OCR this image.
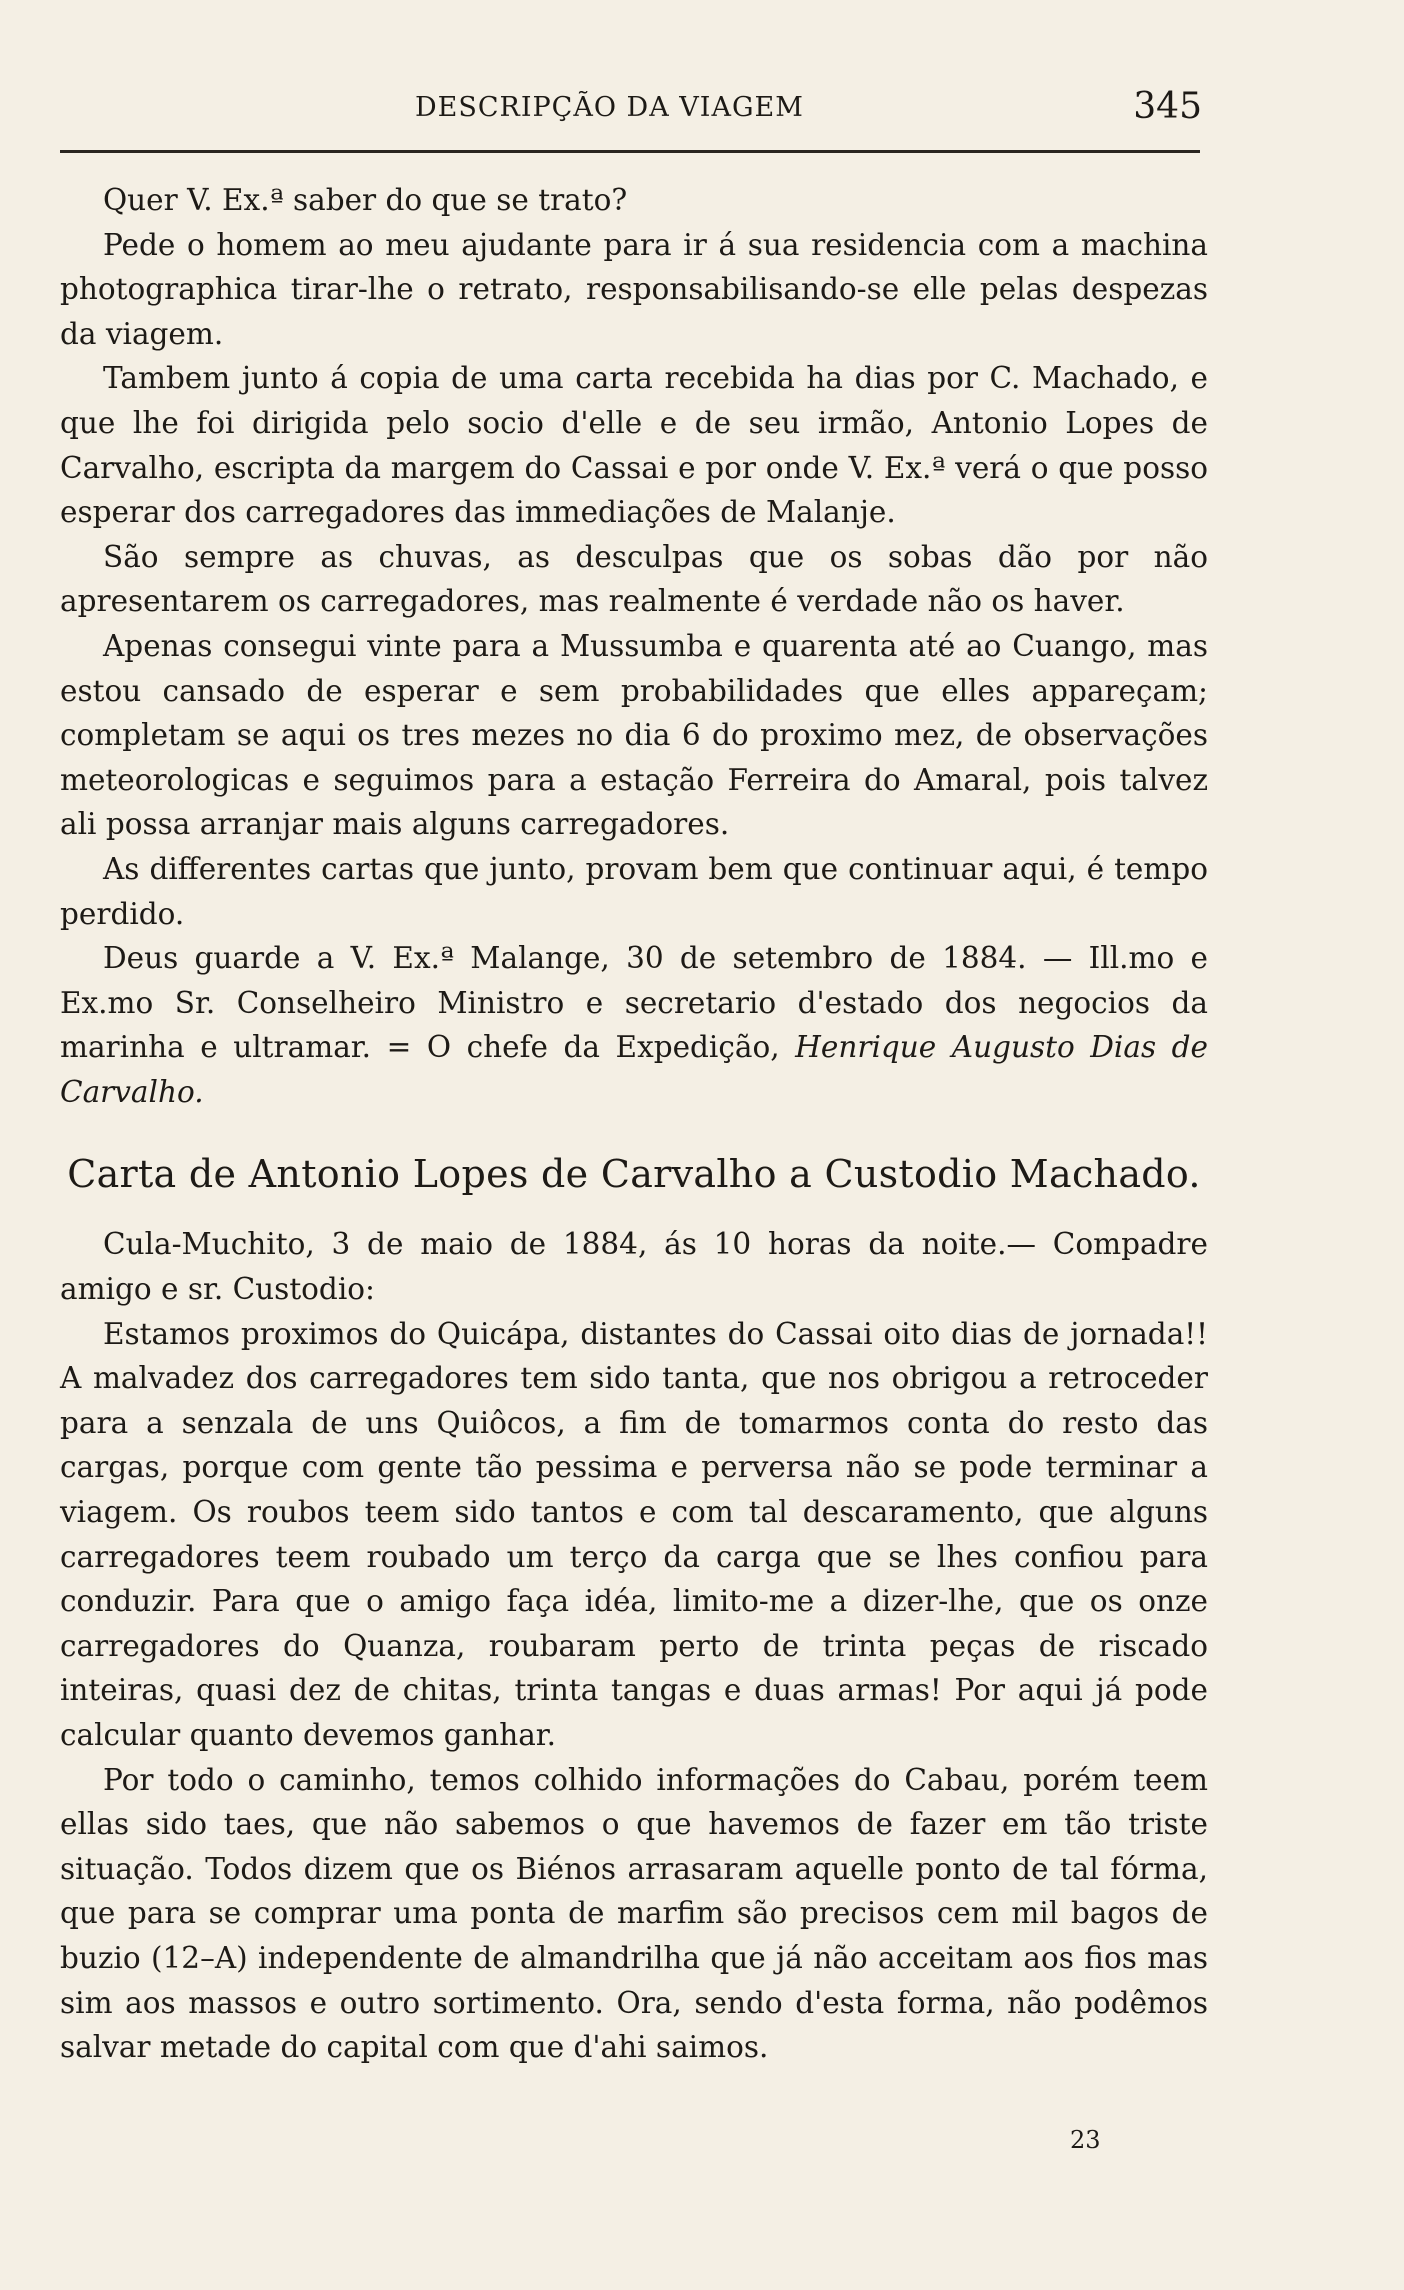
DESCRIPÇÃO DA VIAGEM	345

Quer V. Ex.ª saber do que se trato?

Pede o homem ao meu ajudante para ir á sua residencia com a machina photographica tirar-lhe o retrato, responsabilisando-se elle pelas despezas da viagem.

Tambem junto á copia de uma carta recebida ha dias por C. Machado, e que lhe foi dirigida pelo socio d'elle e de seu irmão, Antonio Lopes de Carvalho, escripta da margem do Cassai e por onde V. Ex.ª verá o que posso esperar dos carregadores das immediações de Malanje.

São sempre as chuvas, as desculpas que os sobas dão por não apresentarem os carregadores, mas realmente é verdade não os haver.

Apenas consegui vinte para a Mussumba e quarenta até ao Cuango, mas estou cansado de esperar e sem probabilidades que elles appareçam; completam se aqui os tres mezes no dia 6 do proximo mez, de observações meteorologicas e seguimos para a estação Ferreira do Amaral, pois talvez ali possa arranjar mais alguns carregadores.

As differentes cartas que junto, provam bem que continuar aqui, é tempo perdido.

Deus guarde a V. Ex.ª Malange, 30 de setembro de 1884. — Ill.mo e Ex.mo Sr. Conselheiro Ministro e secretario d'estado dos negocios da marinha e ultramar. = O chefe da Expedição, Henrique Augusto Dias de Carvalho.

Carta de Antonio Lopes de Carvalho a Custodio Machado.

Cula-Muchito, 3 de maio de 1884, ás 10 horas da noite.— Compadre amigo e sr. Custodio:

Estamos proximos do Quicápa, distantes do Cassai oito dias de jornada!! A malvadez dos carregadores tem sido tanta, que nos obrigou a retroceder para a senzala de uns Quiôcos, a fim de tomarmos conta do resto das cargas, porque com gente tão pessima e perversa não se pode terminar a viagem. Os roubos teem sido tantos e com tal descaramento, que alguns carregadores teem roubado um terço da carga que se lhes confiou para conduzir. Para que o amigo faça idéa, limito-me a dizer-lhe, que os onze carregadores do Quanza, roubaram perto de trinta peças de riscado inteiras, quasi dez de chitas, trinta tangas e duas armas! Por aqui já pode calcular quanto devemos ganhar.

Por todo o caminho, temos colhido informações do Cabau, porém teem ellas sido taes, que não sabemos o que havemos de fazer em tão triste situação. Todos dizem que os Biénos arrasaram aquelle ponto de tal fórma, que para se comprar uma ponta de marfim são precisos cem mil bagos de buzio (12–A) independente de almandrilha que já não acceitam aos fios mas sim aos massos e outro sortimento. Ora, sendo d'esta forma, não podêmos salvar metade do capital com que d'ahi saimos.

23
